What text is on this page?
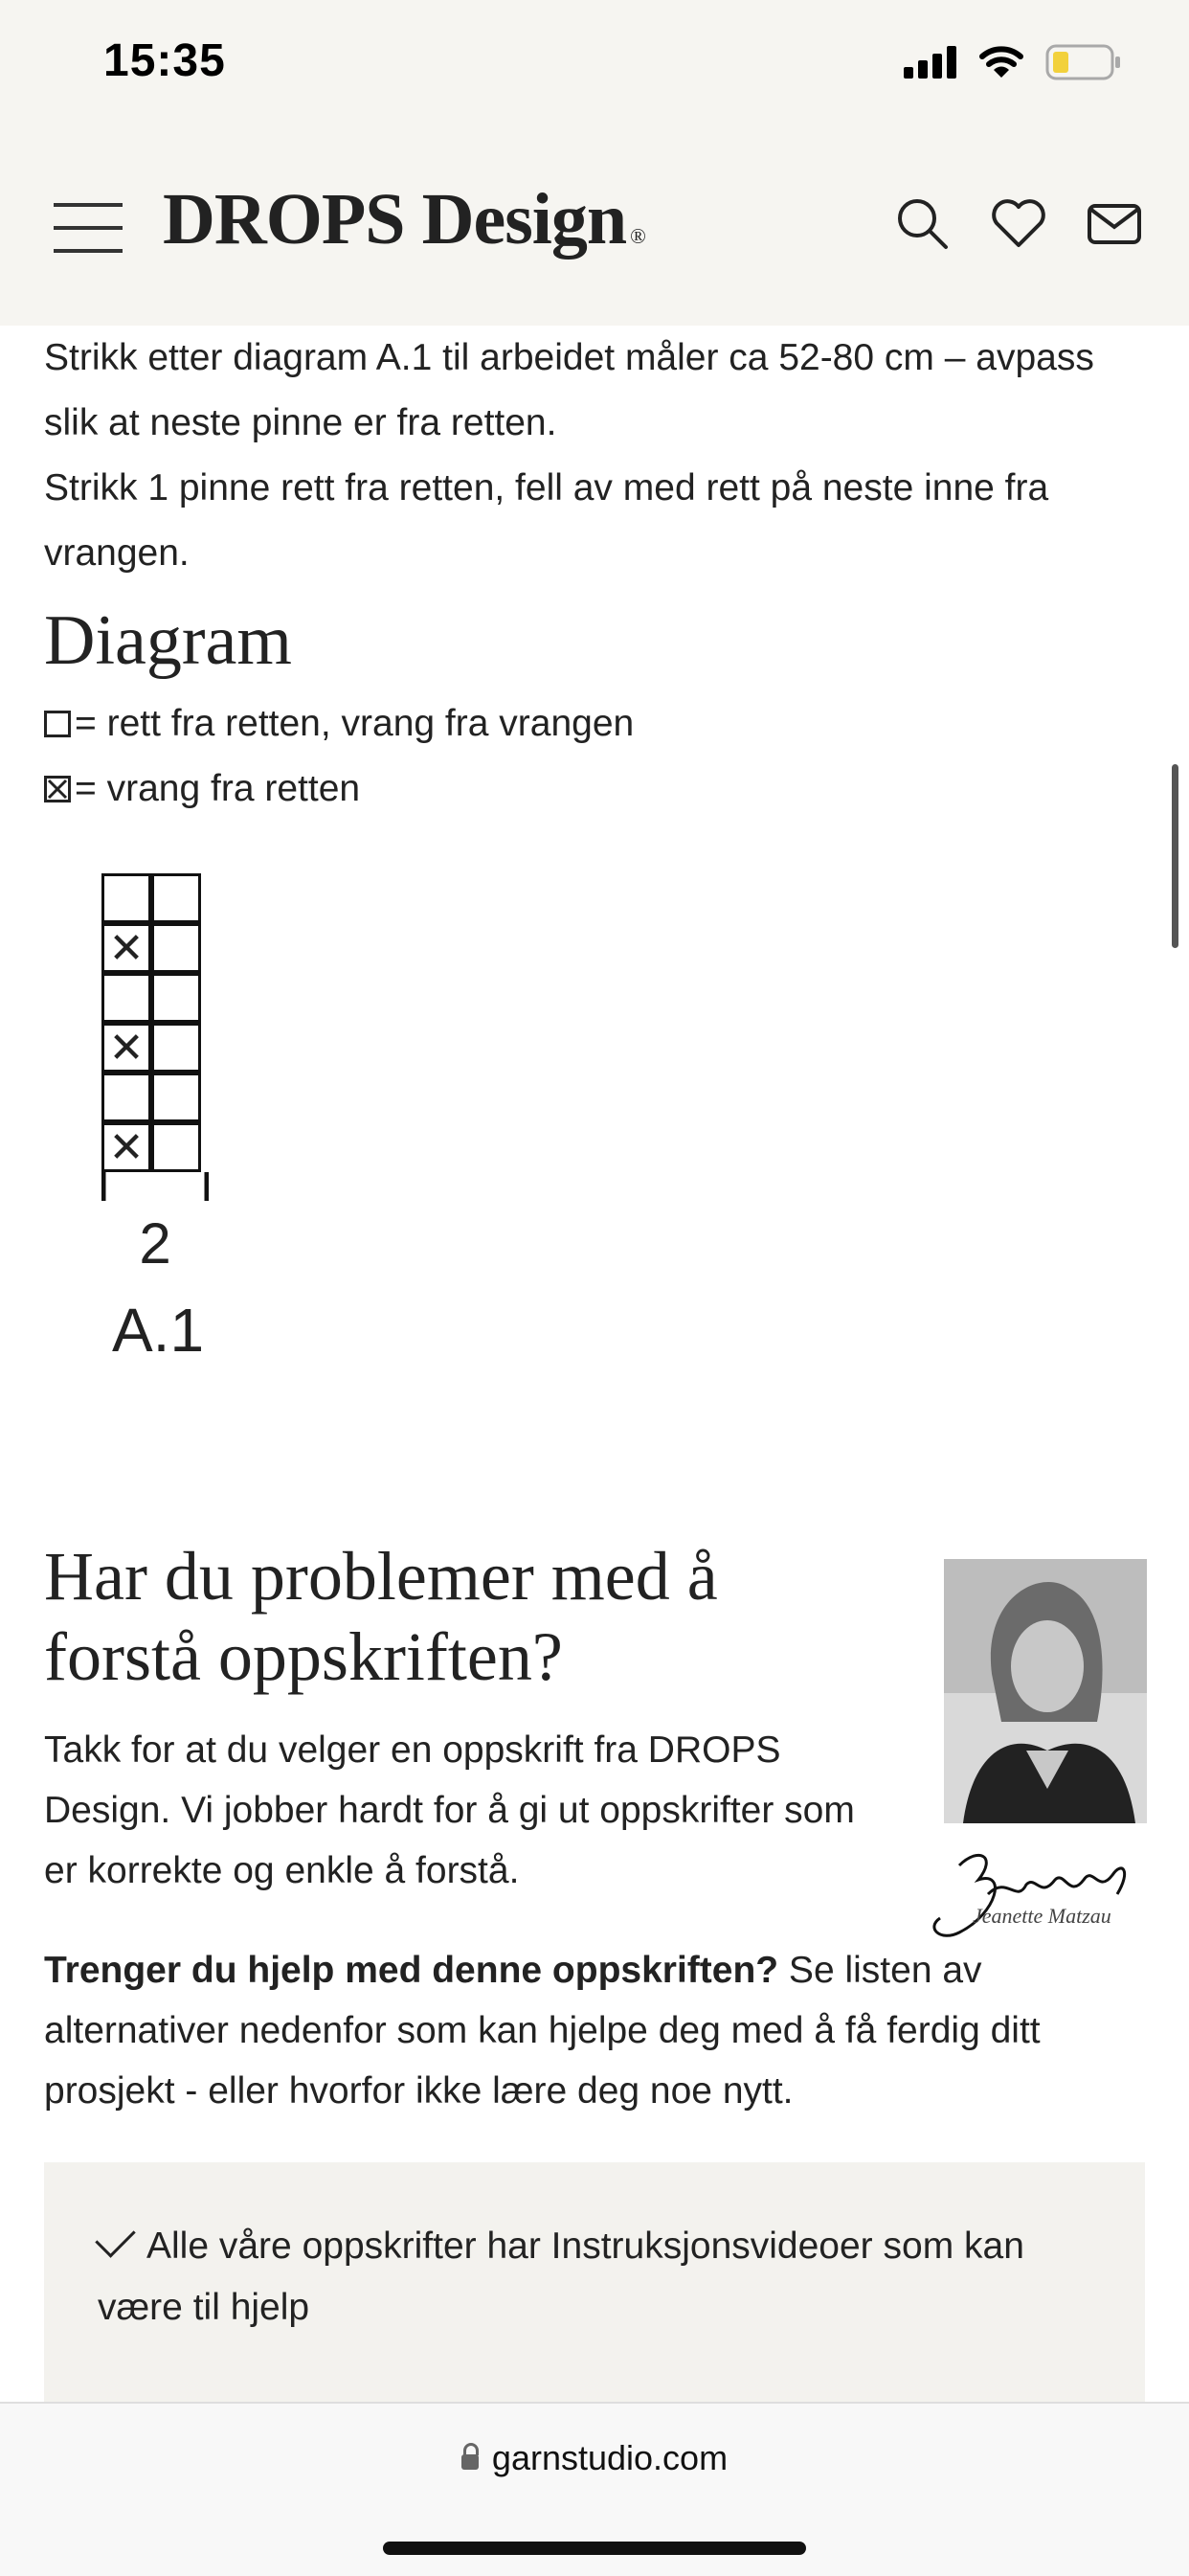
15:35
DROPS Design ®

Strikk etter diagram A.1 til arbeidet måler ca 52-80 cm – avpass slik at neste pinne er fra retten.

Strikk 1 pinne rett fra retten, fell av med rett på neste inne fra vrangen.

Diagram
= rett fra retten, vrang fra vrangen
= vrang fra retten
✕
✕
✕
2
A.1
Har du problemer med å forstå oppskriften?
Takk for at du velger en oppskrift fra DROPS Design. Vi jobber hardt for å gi ut oppskrifter som er korrekte og enkle å forstå.
Jeanette Matzau
Trenger du hjelp med denne oppskriften? Se listen av alternativer nedenfor som kan hjelpe deg med å få ferdig ditt prosjekt - eller hvorfor ikke lære deg noe nytt.
Alle våre oppskrifter har Instruksjonsvideoer som kan være til hjelp
garnstudio.com
